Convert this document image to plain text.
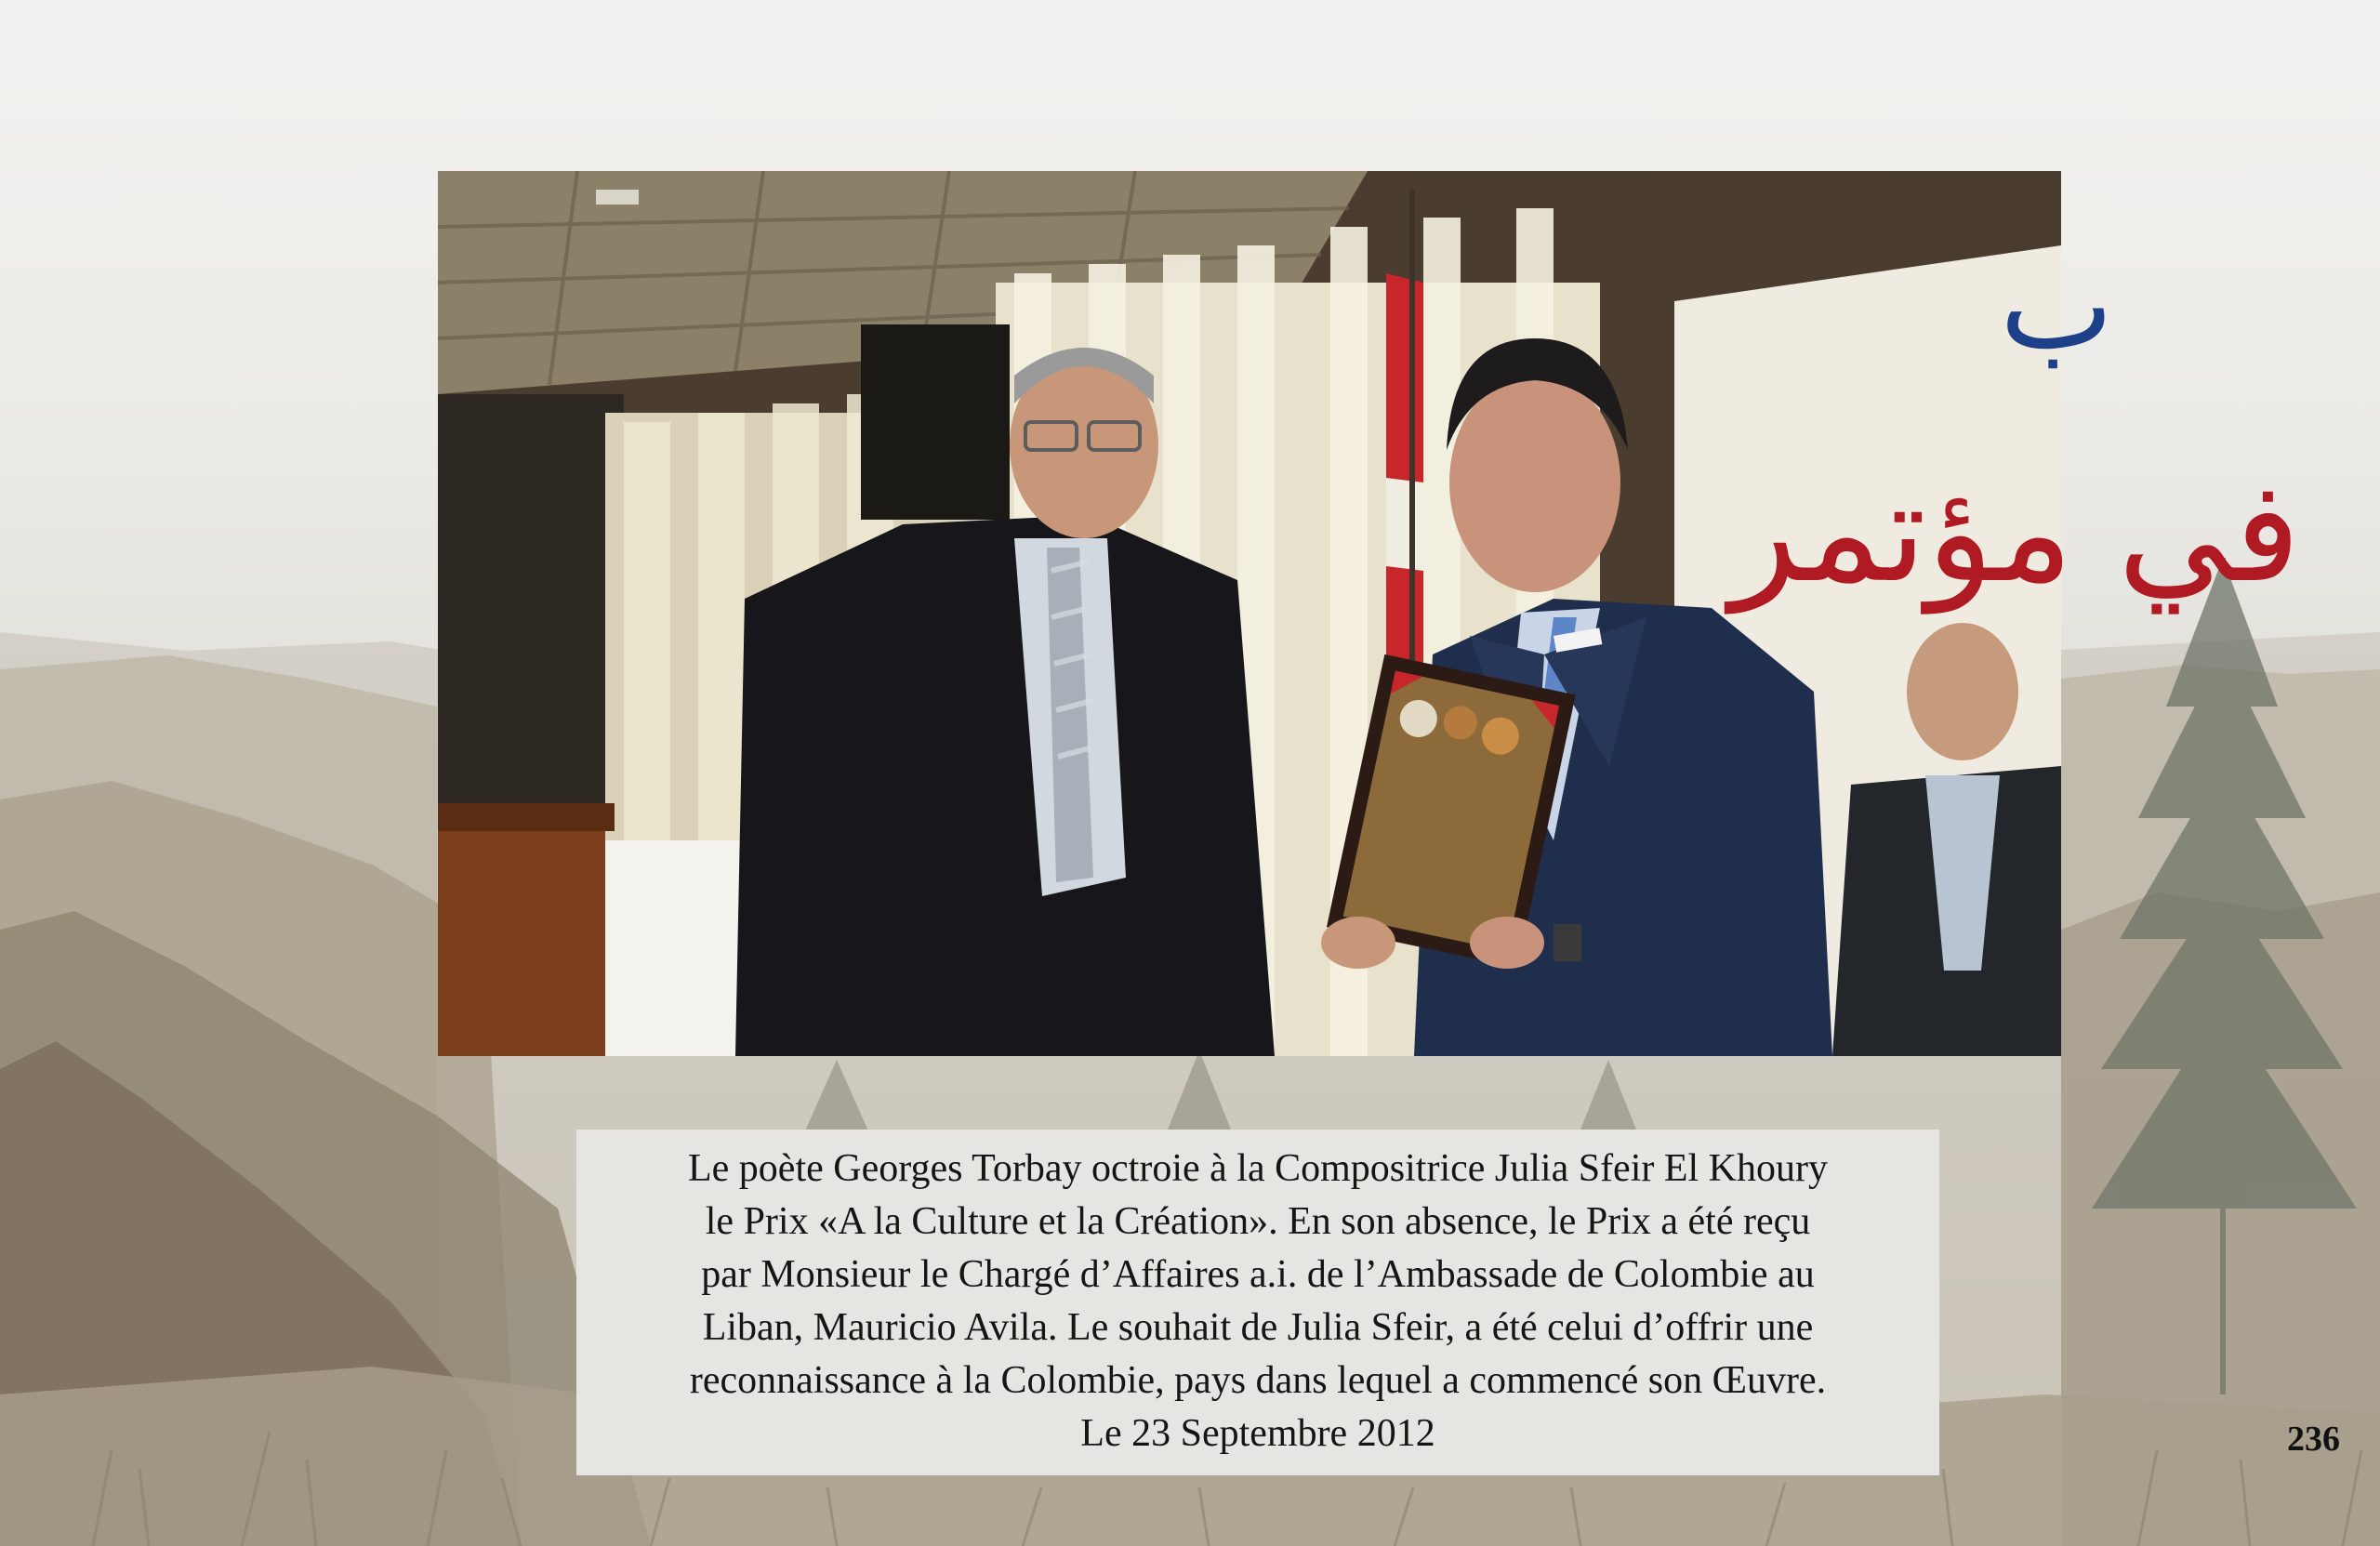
في مؤتمر
ب
Le poète Georges Torbay octroie à la Compositrice Julia Sfeir El Khoury
le Prix «A la Culture et la Création». En son absence, le Prix a été reçu
par Monsieur le Chargé d’Affaires a.i. de l’Ambassade de Colombie au
Liban, Mauricio Avila. Le souhait de Julia Sfeir, a été celui d’offrir une
reconnaissance à la Colombie, pays dans lequel a commencé son Œuvre.
Le 23 Septembre 2012	236
